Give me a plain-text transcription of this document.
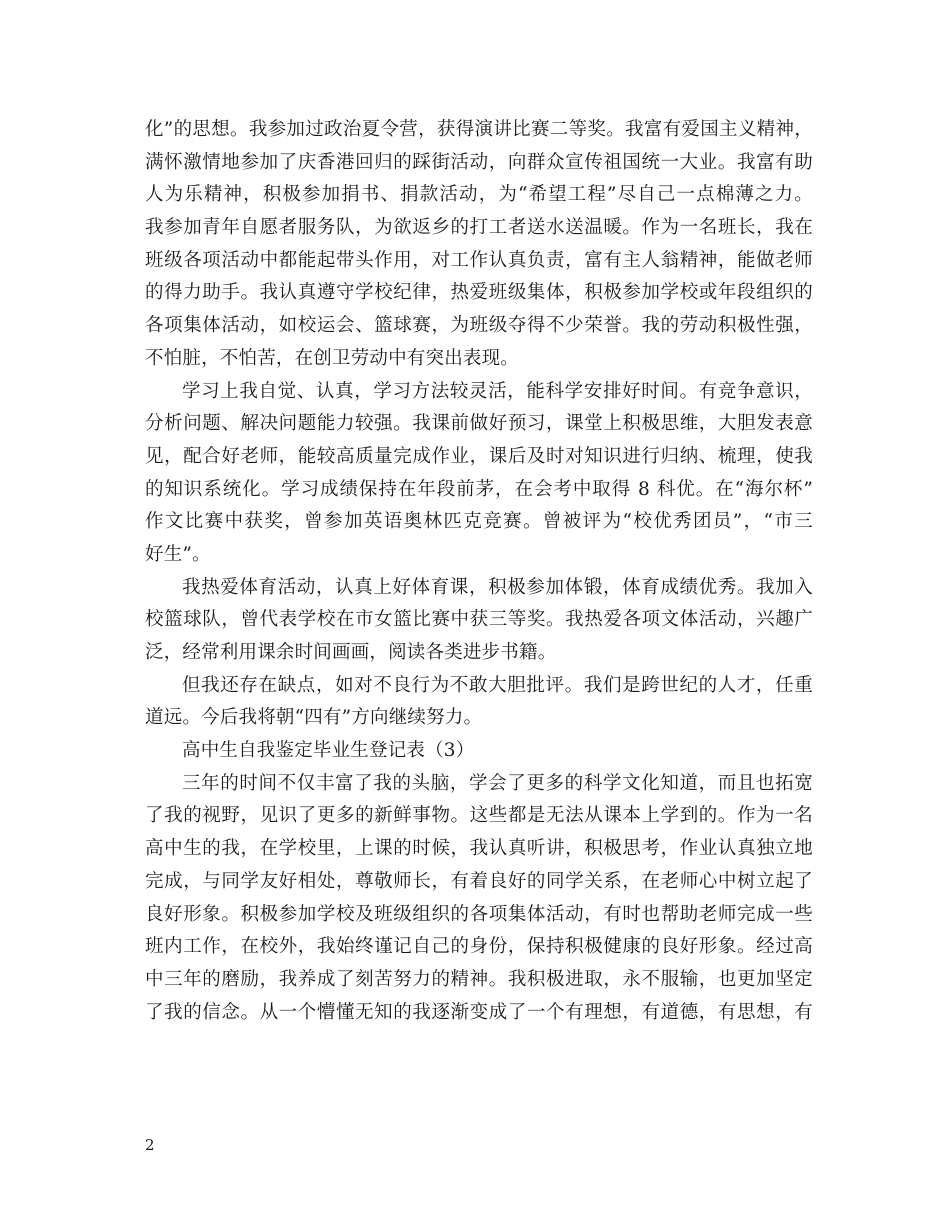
化”的思想。我参加过政治夏令营，获得演讲比赛二等奖。我富有爱国主义精神，
满怀激情地参加了庆香港回归的踩街活动，向群众宣传祖国统一大业。我富有助
人为乐精神，积极参加捐书、捐款活动，为“希望工程”尽自己一点棉薄之力。
我参加青年自愿者服务队，为欲返乡的打工者送水送温暖。作为一名班长，我在
班级各项活动中都能起带头作用，对工作认真负责，富有主人翁精神，能做老师
的得力助手。我认真遵守学校纪律，热爱班级集体，积极参加学校或年段组织的
各项集体活动，如校运会、篮球赛，为班级夺得不少荣誉。我的劳动积极性强，
不怕脏，不怕苦，在创卫劳动中有突出表现。
学习上我自觉、认真，学习方法较灵活，能科学安排好时间。有竞争意识，
分析问题、解决问题能力较强。我课前做好预习，课堂上积极思维，大胆发表意
见，配合好老师，能较高质量完成作业，课后及时对知识进行归纳、梳理，使我
的知识系统化。学习成绩保持在年段前茅，在会考中取得 8 科优。在“海尔杯”
作文比赛中获奖，曾参加英语奥林匹克竞赛。曾被评为“校优秀团员”，“市三
好生”。
我热爱体育活动，认真上好体育课，积极参加体锻，体育成绩优秀。我加入
校篮球队，曾代表学校在市女篮比赛中获三等奖。我热爱各项文体活动，兴趣广
泛，经常利用课余时间画画，阅读各类进步书籍。
但我还存在缺点，如对不良行为不敢大胆批评。我们是跨世纪的人才，任重
道远。今后我将朝“四有”方向继续努力。
高中生自我鉴定毕业生登记表（3）
三年的时间不仅丰富了我的头脑，学会了更多的科学文化知道，而且也拓宽
了我的视野，见识了更多的新鲜事物。这些都是无法从课本上学到的。作为一名
高中生的我，在学校里，上课的时候，我认真听讲，积极思考，作业认真独立地
完成，与同学友好相处，尊敬师长，有着良好的同学关系，在老师心中树立起了
良好形象。积极参加学校及班级组织的各项集体活动，有时也帮助老师完成一些
班内工作，在校外，我始终谨记自己的身份，保持积极健康的良好形象。经过高
中三年的磨励，我养成了刻苦努力的精神。我积极进取，永不服输，也更加坚定
了我的信念。从一个懵懂无知的我逐渐变成了一个有理想，有道德，有思想，有
2
